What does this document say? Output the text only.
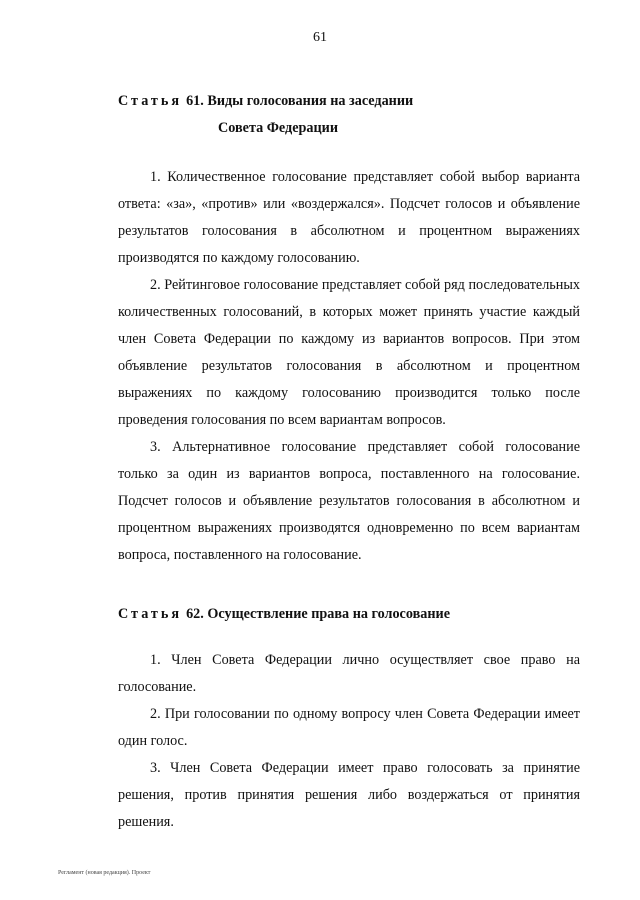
61

Статья 61. Виды голосования на заседании
Совета Федерации

1. Количественное голосование представляет собой выбор варианта ответа: «за», «против» или «воздержался». Подсчет голосов и объявление результатов голосования в абсолютном и процентном выражениях производятся по каждому голосованию.

2. Рейтинговое голосование представляет собой ряд последовательных количественных голосований, в которых может принять участие каждый член Совета Федерации по каждому из вариантов вопросов. При этом объявление результатов голосования в абсолютном и процентном выражениях по каждому голосованию производится только после проведения голосования по всем вариантам вопросов.

3. Альтернативное голосование представляет собой голосование только за один из вариантов вопроса, поставленного на голосование. Подсчет голосов и объявление результатов голосования в абсолютном и процентном выражениях производятся одновременно по всем вариантам вопроса, поставленного на голосование.

Статья 62. Осуществление права на голосование

1. Член Совета Федерации лично осуществляет свое право на голосование.

2. При голосовании по одному вопросу член Совета Федерации имеет один голос.

3. Член Совета Федерации имеет право голосовать за принятие решения, против принятия решения либо воздержаться от принятия решения.

Регламент (новая редакция). Проект
